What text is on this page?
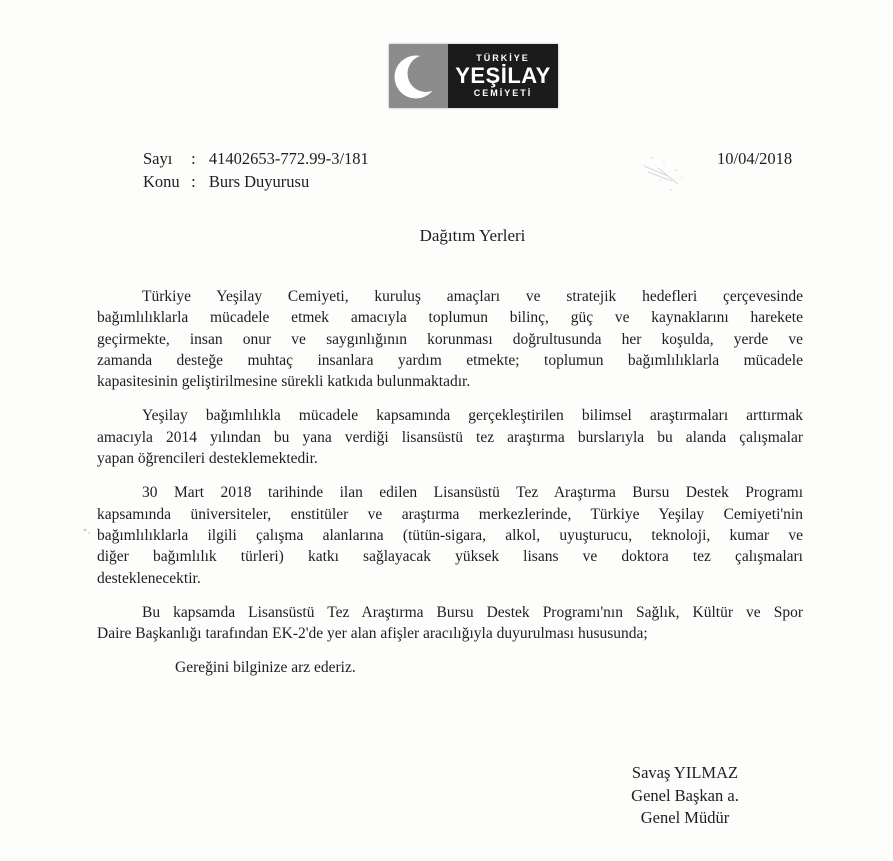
TÜRKİYE
YEŞİLAY
CEMİYETİ
Sayı : 41402653-772.99-3/181
Konu : Burs Duyurusu
10/04/2018
Dağıtım Yerleri
Türkiye Yeşilay Cemiyeti, kuruluş amaçları ve stratejik hedefleri çerçevesinde
bağımlılıklarla mücadele etmek amacıyla toplumun bilinç, güç ve kaynaklarını harekete
geçirmekte, insan onur ve saygınlığının korunması doğrultusunda her koşulda, yerde ve
zamanda desteğe muhtaç insanlara yardım etmekte; toplumun bağımlılıklarla mücadele
kapasitesinin geliştirilmesine sürekli katkıda bulunmaktadır.
Yeşilay bağımlılıkla mücadele kapsamında gerçekleştirilen bilimsel araştırmaları arttırmak
amacıyla 2014 yılından bu yana verdiği lisansüstü tez araştırma burslarıyla bu alanda çalışmalar
yapan öğrencileri desteklemektedir.
30 Mart 2018 tarihinde ilan edilen Lisansüstü Tez Araştırma Bursu Destek Programı
kapsamında üniversiteler, enstitüler ve araştırma merkezlerinde, Türkiye Yeşilay Cemiyeti'nin
bağımlılıklarla ilgili çalışma alanlarına (tütün-sigara, alkol, uyuşturucu, teknoloji, kumar ve
diğer bağımlılık türleri) katkı sağlayacak yüksek lisans ve doktora tez çalışmaları
desteklenecektir.
Bu kapsamda Lisansüstü Tez Araştırma Bursu Destek Programı'nın Sağlık, Kültür ve Spor
Daire Başkanlığı tarafından EK-2'de yer alan afişler aracılığıyla duyurulması hususunda;
Gereğini bilginize arz ederiz.
Savaş YILMAZ
Genel Başkan a.
Genel Müdür
